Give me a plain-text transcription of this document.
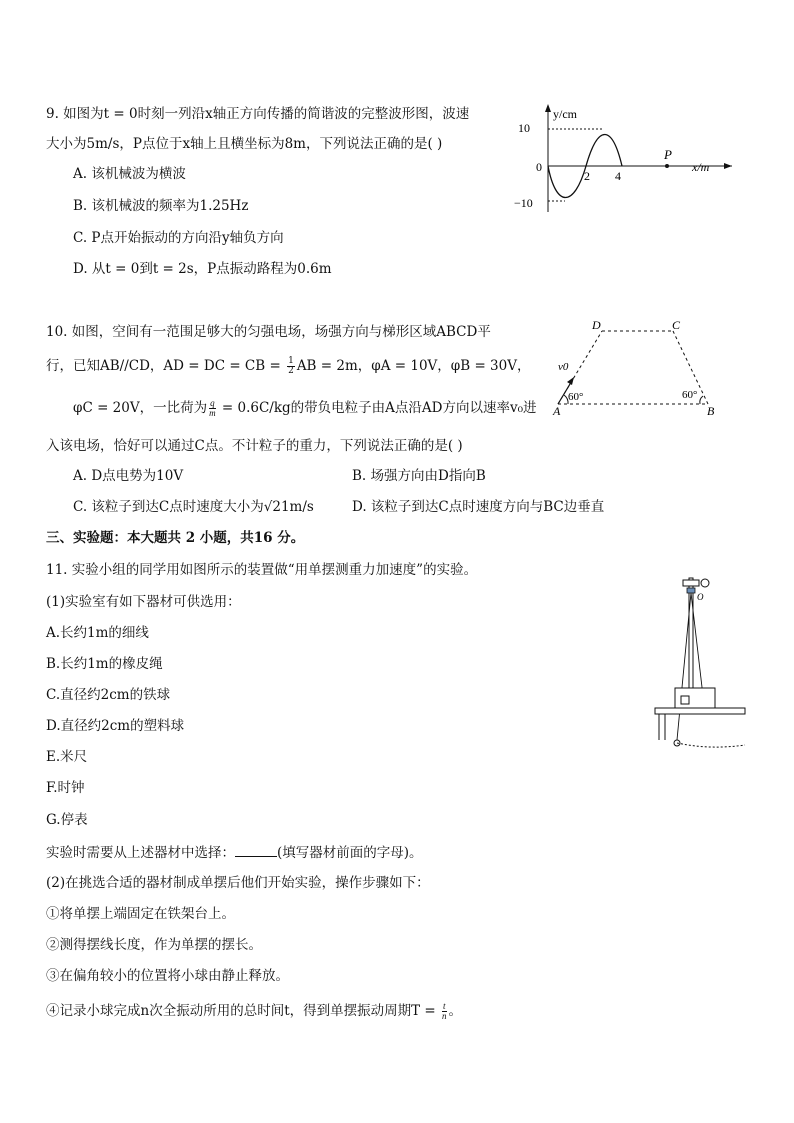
9. 如图为t = 0时刻一列沿x轴正方向传播的简谐波的完整波形图，波速
大小为5m/s，P点位于x轴上且横坐标为8m，下列说法正确的是( )
A. 该机械波为横波
B. 该机械波的频率为1.25Hz
C. P点开始振动的方向沿y轴负方向
D. 从t = 0到t = 2s，P点振动路程为0.6m
y/cm
x/m
10
0
−10
2 4
P
10. 如图，空间有一范围足够大的匀强电场，场强方向与梯形区域ABCD平
行，已知AB//CD，AD = DC = CB = $\frac{1}{2}$ AB = 2m，φA = 10V，φB = 30V，
φC = 20V，一比荷为 $\frac{q}{m} = 0.6C/kg$的带负电粒子由A点沿AD方向以速率v₀进
入该电场，恰好可以通过C点。不计粒子的重力，下列说法正确的是( )
A. D点电势为10V	B. 场强方向由D指向B
C. 该粒子到达C点时速度大小为√21m/s	D. 该粒子到达C点时速度方向与BC边垂直
A	B
C
D
v0
60°	60°
三、实验题：本大题共 2 小题，共16 分。
11. 实验小组的同学用如图所示的装置做“用单摆测重力加速度”的实验。
(1)实验室有如下器材可供选用：
A.长约1m的细线
B.长约1m的橡皮绳
C.直径约2cm的铁球
D.直径约2cm的塑料球
E.米尺
F.时钟
G.停表
实验时需要从上述器材中选择：	(填写器材前面的字母)。
(2)在挑选合适的器材制成单摆后他们开始实验，操作步骤如下：
①将单摆上端固定在铁架台上。
②测得摆线长度，作为单摆的摆长。
③在偏角较小的位置将小球由静止释放。
④记录小球完成n次全振动所用的总时间t，得到单摆振动周期$T = \frac{t}{n}$ 。
O
